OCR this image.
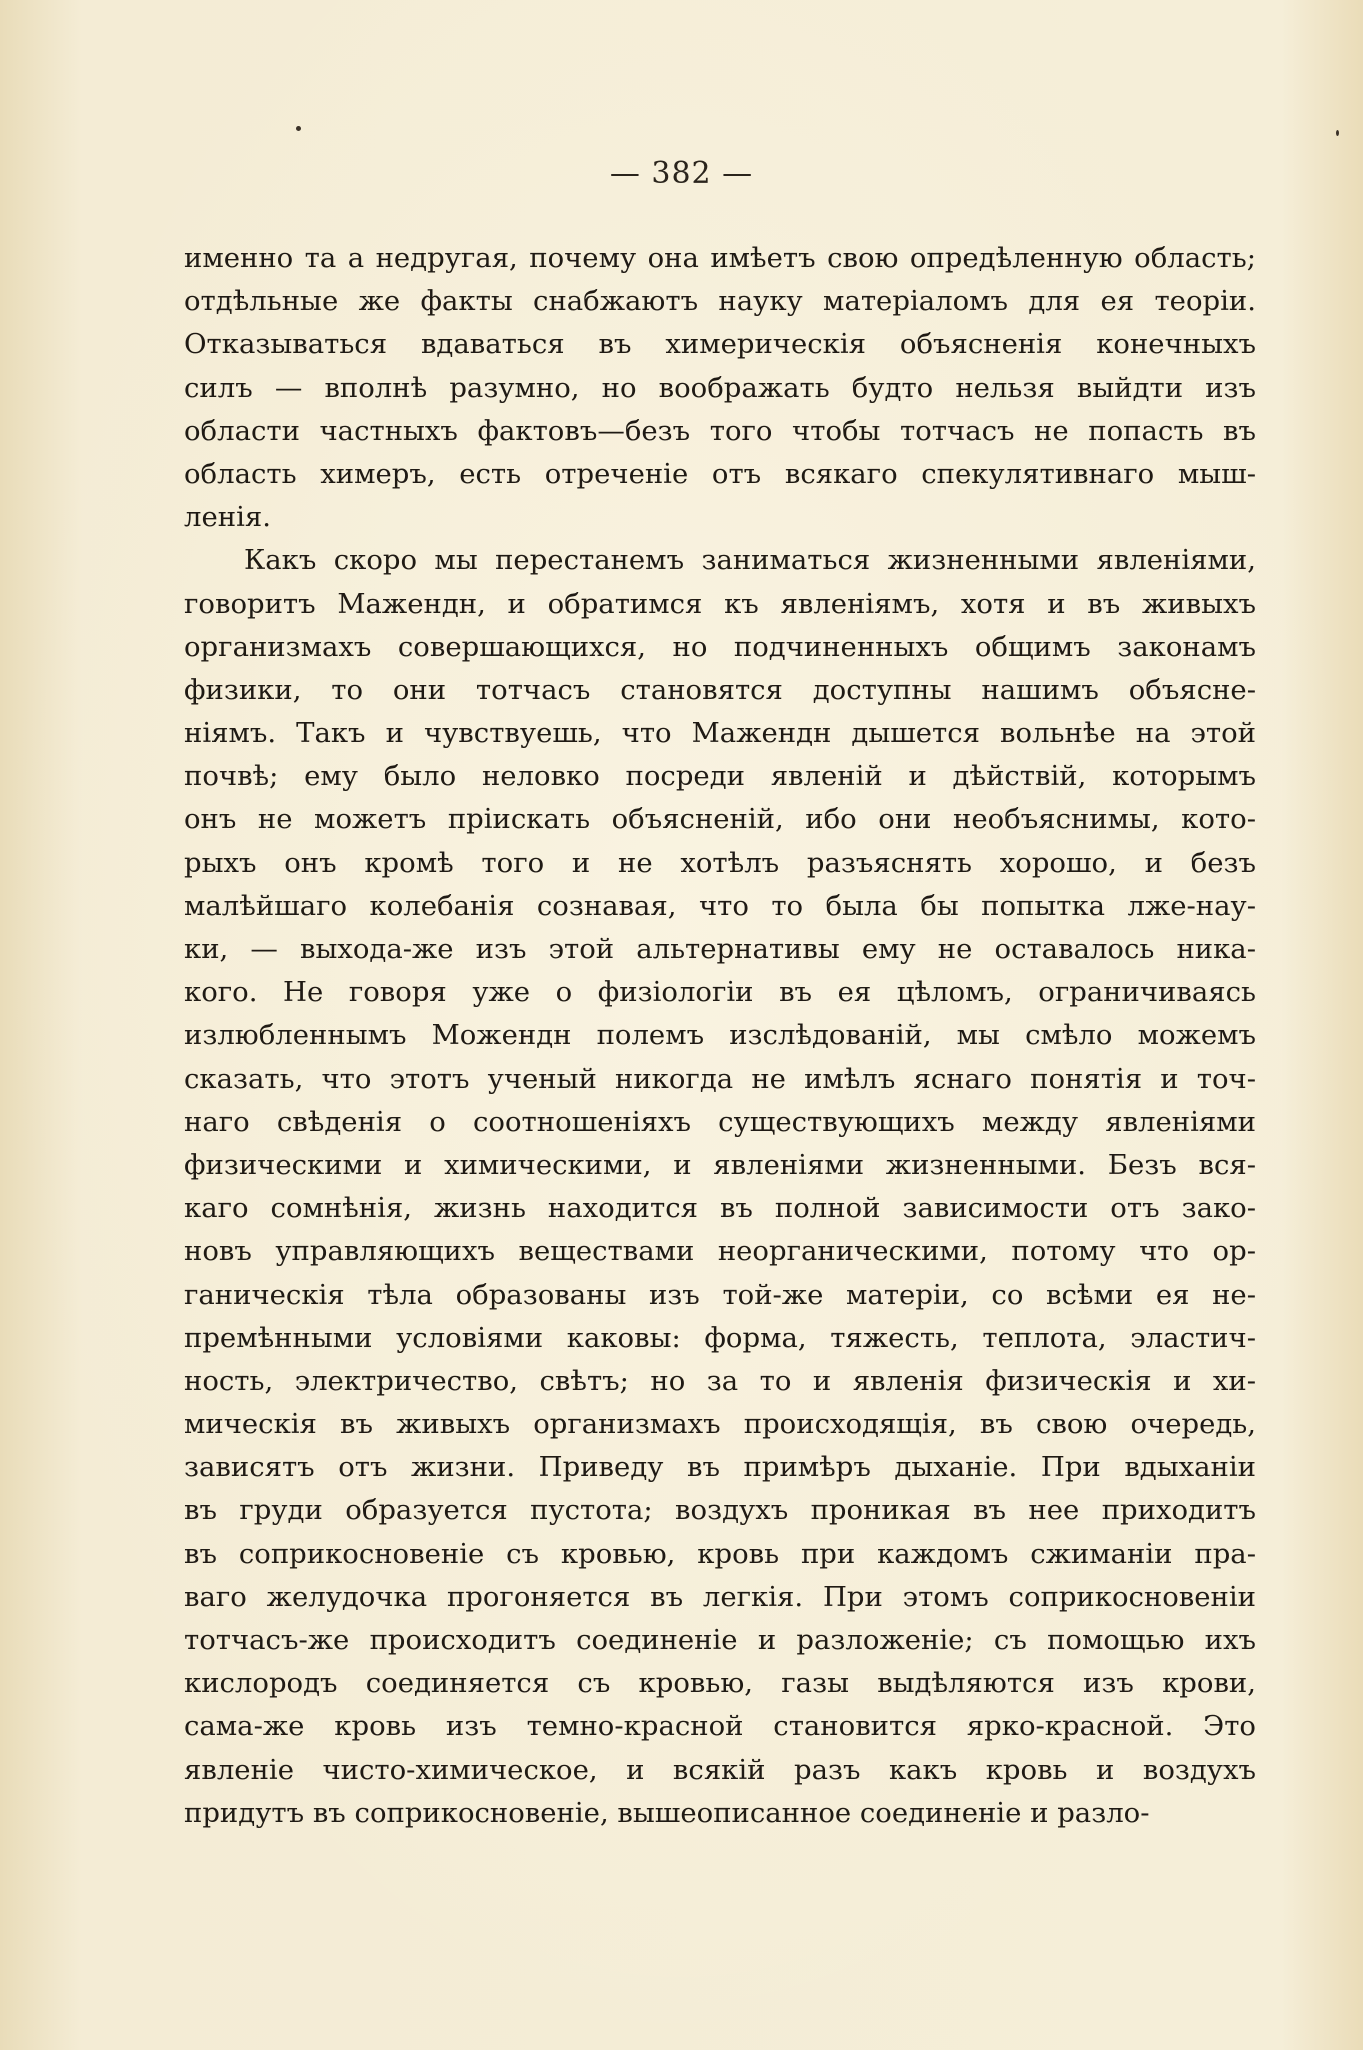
— 382 —
именно та а недругая, почему она имѣетъ свою опредѣленную область;
отдѣльные же факты снабжаютъ науку матеріаломъ для ея теоріи.
Отказываться вдаваться въ химерическія объясненія конечныхъ
силъ — вполнѣ разумно, но воображать будто нельзя выйдти изъ
области частныхъ фактовъ—безъ того чтобы тотчасъ не попасть въ
область химеръ, есть отреченіе отъ всякаго спекулятивнаго мыш-
ленія.
Какъ скоро мы перестанемъ заниматься жизненными явленіями,
говоритъ Мажендн, и обратимся къ явленіямъ, хотя и въ живыхъ
организмахъ совершающихся, но подчиненныхъ общимъ законамъ
физики, то они тотчасъ становятся доступны нашимъ объясне-
ніямъ. Такъ и чувствуешь, что Мажендн дышется вольнѣе на этой
почвѣ; ему было неловко посреди явленій и дѣйствій, которымъ
онъ не можетъ пріискать объясненій, ибо они необъяснимы, кото-
рыхъ онъ кромѣ того и не хотѣлъ разъяснять хорошо, и безъ
малѣйшаго колебанія сознавая, что то была бы попытка лже-нау-
ки, — выхода-же изъ этой альтернативы ему не оставалось ника-
кого. Не говоря уже о физіологіи въ ея цѣломъ, ограничиваясь
излюбленнымъ Можендн полемъ изслѣдованій, мы смѣло можемъ
сказать, что этотъ ученый никогда не имѣлъ яснаго понятія и точ-
наго свѣденія о соотношеніяхъ существующихъ между явленіями
физическими и химическими, и явленіями жизненными. Безъ вся-
каго сомнѣнія, жизнь находится въ полной зависимости отъ зако-
новъ управляющихъ веществами неорганическими, потому что ор-
ганическія тѣла образованы изъ той-же матеріи, со всѣми ея не-
премѣнными условіями каковы: форма, тяжесть, теплота, эластич-
ность, электричество, свѣтъ; но за то и явленія физическія и хи-
мическія въ живыхъ организмахъ происходящія, въ свою очередь,
зависятъ отъ жизни. Приведу въ примѣръ дыханіе. При вдыханіи
въ груди образуется пустота; воздухъ проникая въ нее приходитъ
въ соприкосновеніе съ кровью, кровь при каждомъ сжиманіи пра-
ваго желудочка прогоняется въ легкія. При этомъ соприкосновеніи
тотчасъ-же происходитъ соединеніе и разложеніе; съ помощью ихъ
кислородъ соединяется съ кровью, газы выдѣляются изъ крови,
сама-же кровь изъ темно-красной становится ярко-красной. Это
явленіе чисто-химическое, и всякій разъ какъ кровь и воздухъ
придутъ въ соприкосновеніе, вышеописанное соединеніе и разло-
